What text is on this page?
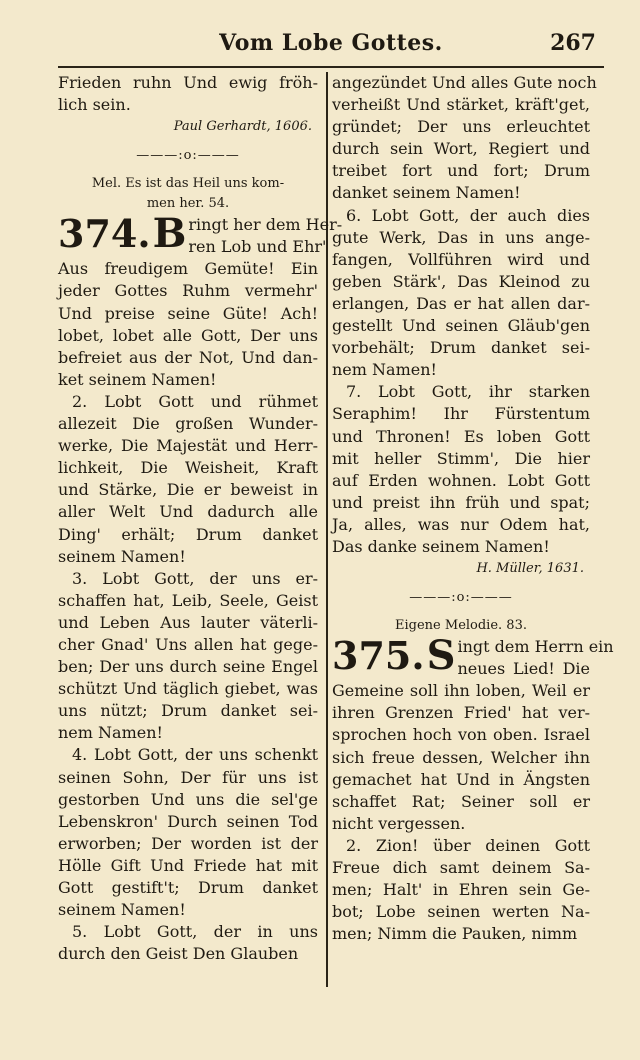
Vom Lobe Gottes.	267
Frieden ruhn Und ewig fröh-
lich sein.
Paul Gerhardt, 1606.
———:o:———
Mel. Es ist das Heil uns kom-
men her. 54.
374. B ringt her dem Her-
ren Lob und Ehr'
Aus freudigem Gemüte! Ein
jeder Gottes Ruhm vermehr'
Und preise seine Güte! Ach!
lobet, lobet alle Gott, Der uns
befreiet aus der Not, Und dan-
ket seinem Namen!
2. Lobt Gott und rühmet
allezeit Die großen Wunder-
werke, Die Majestät und Herr-
lichkeit, Die Weisheit, Kraft
und Stärke, Die er beweist in
aller Welt Und dadurch alle
Ding' erhält; Drum danket
seinem Namen!
3. Lobt Gott, der uns er-
schaffen hat, Leib, Seele, Geist
und Leben Aus lauter väterli-
cher Gnad' Uns allen hat gege-
ben; Der uns durch seine Engel
schützt Und täglich giebet, was
uns nützt; Drum danket sei-
nem Namen!
4. Lobt Gott, der uns schenkt
seinen Sohn, Der für uns ist
gestorben Und uns die sel'ge
Lebenskron' Durch seinen Tod
erworben; Der worden ist der
Hölle Gift Und Friede hat mit
Gott gestift't; Drum danket
seinem Namen!
5. Lobt Gott, der in uns
durch den Geist Den Glauben
angezündet Und alles Gute noch
verheißt Und stärket, kräft'get,
gründet; Der uns erleuchtet
durch sein Wort, Regiert und
treibet fort und fort; Drum
danket seinem Namen!
6. Lobt Gott, der auch dies
gute Werk, Das in uns ange-
fangen, Vollführen wird und
geben Stärk', Das Kleinod zu
erlangen, Das er hat allen dar-
gestellt Und seinen Gläub'gen
vorbehält; Drum danket sei-
nem Namen!
7. Lobt Gott, ihr starken
Seraphim! Ihr Fürstentum
und Thronen! Es loben Gott
mit heller Stimm', Die hier
auf Erden wohnen. Lobt Gott
und preist ihn früh und spat;
Ja, alles, was nur Odem hat,
Das danke seinem Namen!
H. Müller, 1631.
———:o:———
Eigene Melodie. 83.
375. S ingt dem Herrn ein
neues Lied! Die
Gemeine soll ihn loben, Weil er
ihren Grenzen Fried' hat ver-
sprochen hoch von oben. Israel
sich freue dessen, Welcher ihn
gemachet hat Und in Ängsten
schaffet Rat; Seiner soll er
nicht vergessen.
2. Zion! über deinen Gott
Freue dich samt deinem Sa-
men; Halt' in Ehren sein Ge-
bot; Lobe seinen werten Na-
men; Nimm die Pauken, nimm
